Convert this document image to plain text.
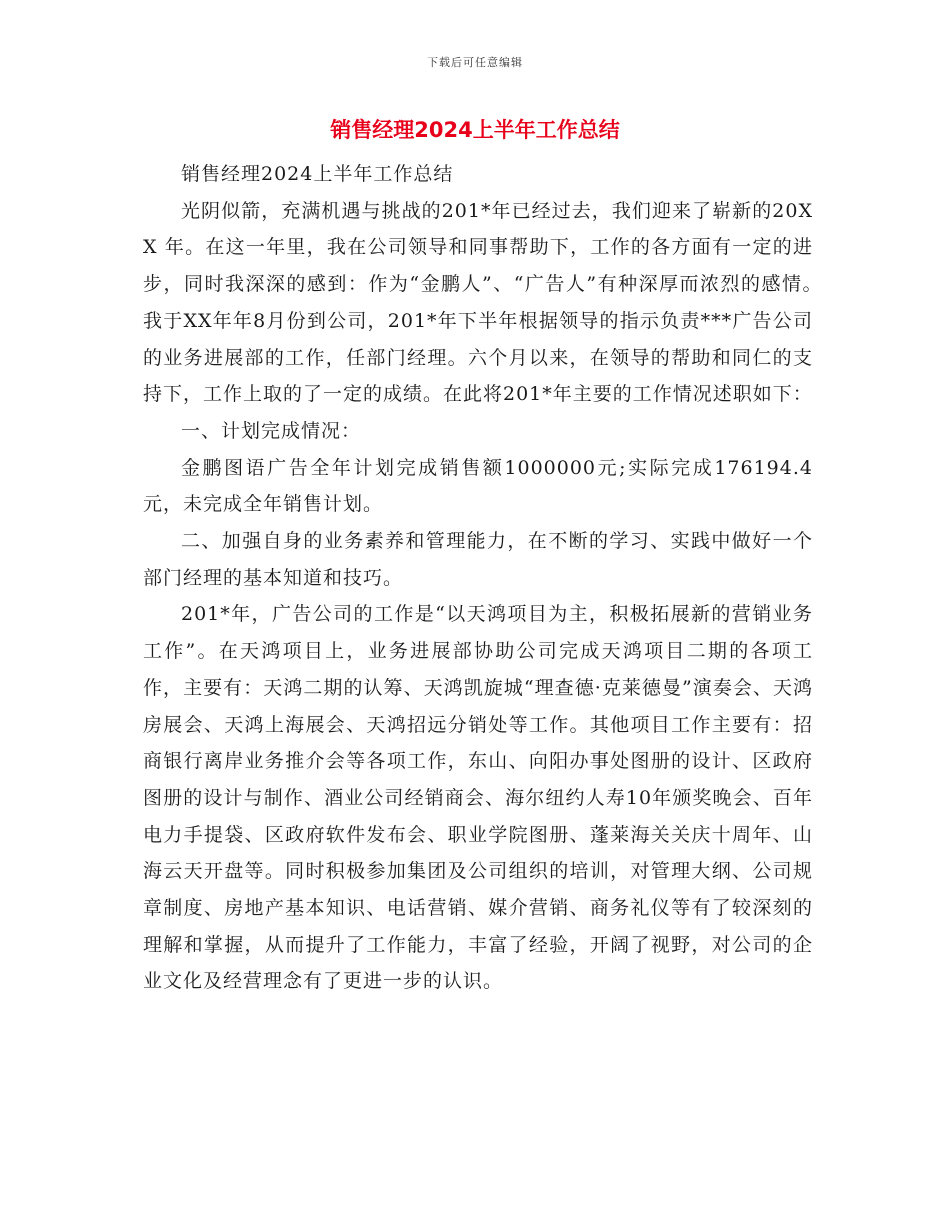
下载后可任意编辑
销售经理2024上半年工作总结

销售经理2024上半年工作总结

光阴似箭，充满机遇与挑战的201*年已经过去，我们迎来了崭新的20XX 年。在这一年里，我在公司领导和同事帮助下，工作的各方面有一定的进步，同时我深深的感到：作为“金鹏人”、“广告人”有种深厚而浓烈的感情。　　　我于XX年年8月份到公司，201*年下半年根据领导的指示负责***广告公司的业务进展部的工作，任部门经理。六个月以来，在领导的帮助和同仁的支持下，工作上取的了一定的成绩。在此将201*年主要的工作情况述职如下：

一、计划完成情况：

金鹏图语广告全年计划完成销售额1000000元;实际完成176194.4元，未完成全年销售计划。

二、加强自身的业务素养和管理能力，在不断的学习、实践中做好一个部门经理的基本知道和技巧。

201*年，广告公司的工作是“以天鸿项目为主，积极拓展新的营销业务工作”。在天鸿项目上，业务进展部协助公司完成天鸿项目二期的各项工作，主要有：天鸿二期的认筹、天鸿凯旋城“理查德·克莱德曼”演奏会、天鸿房展会、天鸿上海展会、天鸿招远分销处等工作。其他项目工作主要有：招商银行离岸业务推介会等各项工作，东山、向阳办事处图册的设计、区政府图册的设计与制作、酒业公司经销商会、海尔纽约人寿10年颁奖晚会、百年电力手提袋、区政府软件发布会、职业学院图册、蓬莱海关关庆十周年、山海云天开盘等。同时积极参加集团及公司组织的培训，对管理大纲、公司规章制度、房地产基本知识、电话营销、媒介营销、商务礼仪等有了较深刻的理解和掌握，从而提升了工作能力，丰富了经验，开阔了视野，对公司的企业文化及经营理念有了更进一步的认识。
